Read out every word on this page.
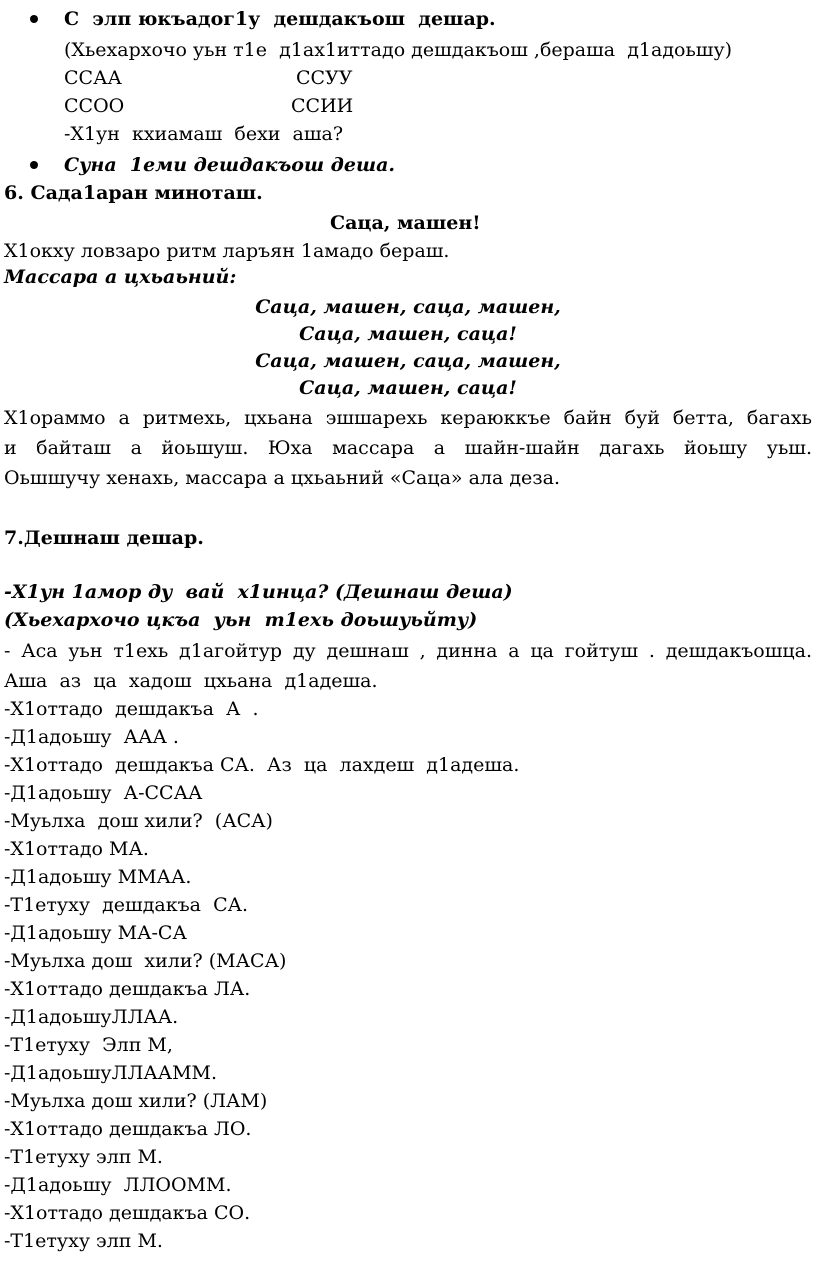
С  элп юкъадог1у  дешдакъош  дешар.
(Хьехархочо уьн т1е  д1ах1иттадо дешдакъош ,бераша  д1адоьшу)
ССАА	ССУУ
ССОО	ССИИ
-Х1ун  кхиамаш  бехи  аша?
Суна  1еми дешдакъош деша.
6. Сада1аран миноташ.
Саца, машен!
Х1окху ловзаро ритм ларъян 1амадо бераш.
Массара а цхьаьний:
Саца, машен, саца, машен,
Саца, машен, саца!
Саца, машен, саца, машен,
Саца, машен, саца!
Х1ораммо а ритмехь, цхьана эшшарехь кераюккъе байн буй бетта, багахь
и байташ а йоьшуш. Юха массара а шайн-шайн дагахь йоьшу уьш.
Оьшшучу хенахь, массара а цхьаьний «Саца» ала деза.
7.Дешнаш дешар.
-Х1ун 1амор ду  вай  х1инца? (Дешнаш деша)
(Хьехархочо цкъа  уьн  т1ехь доьшуьйту)
- Аса уьн т1ехь д1агойтур ду дешнаш , динна а ца гойтуш . дешдакъошца.
Аша  аз  ца  хадош  цхьана  д1адеша.
-Х1оттадо  дешдакъа  А  .
-Д1адоьшу  ААА .
-Х1оттадо  дешдакъа СА.  Аз  ца  лахдеш  д1адеша.
-Д1адоьшу  А-ССАА
-Муьлха  дош хили?  (АСА)
-Х1оттадо МА.
-Д1адоьшу ММАА.
-Т1етуху  дешдакъа  СА.
-Д1адоьшу МА-СА
-Муьлха дош  хили? (МАСА)
-Х1оттадо дешдакъа ЛА.
-Д1адоьшуЛЛАА.
-Т1етуху  Элп М,
-Д1адоьшуЛЛААММ.
-Муьлха дош хили? (ЛАМ)
-Х1оттадо дешдакъа ЛО.
-Т1етуху элп М.
-Д1адоьшу  ЛЛООММ.
-Х1оттадо дешдакъа СО.
-Т1етуху элп М.
